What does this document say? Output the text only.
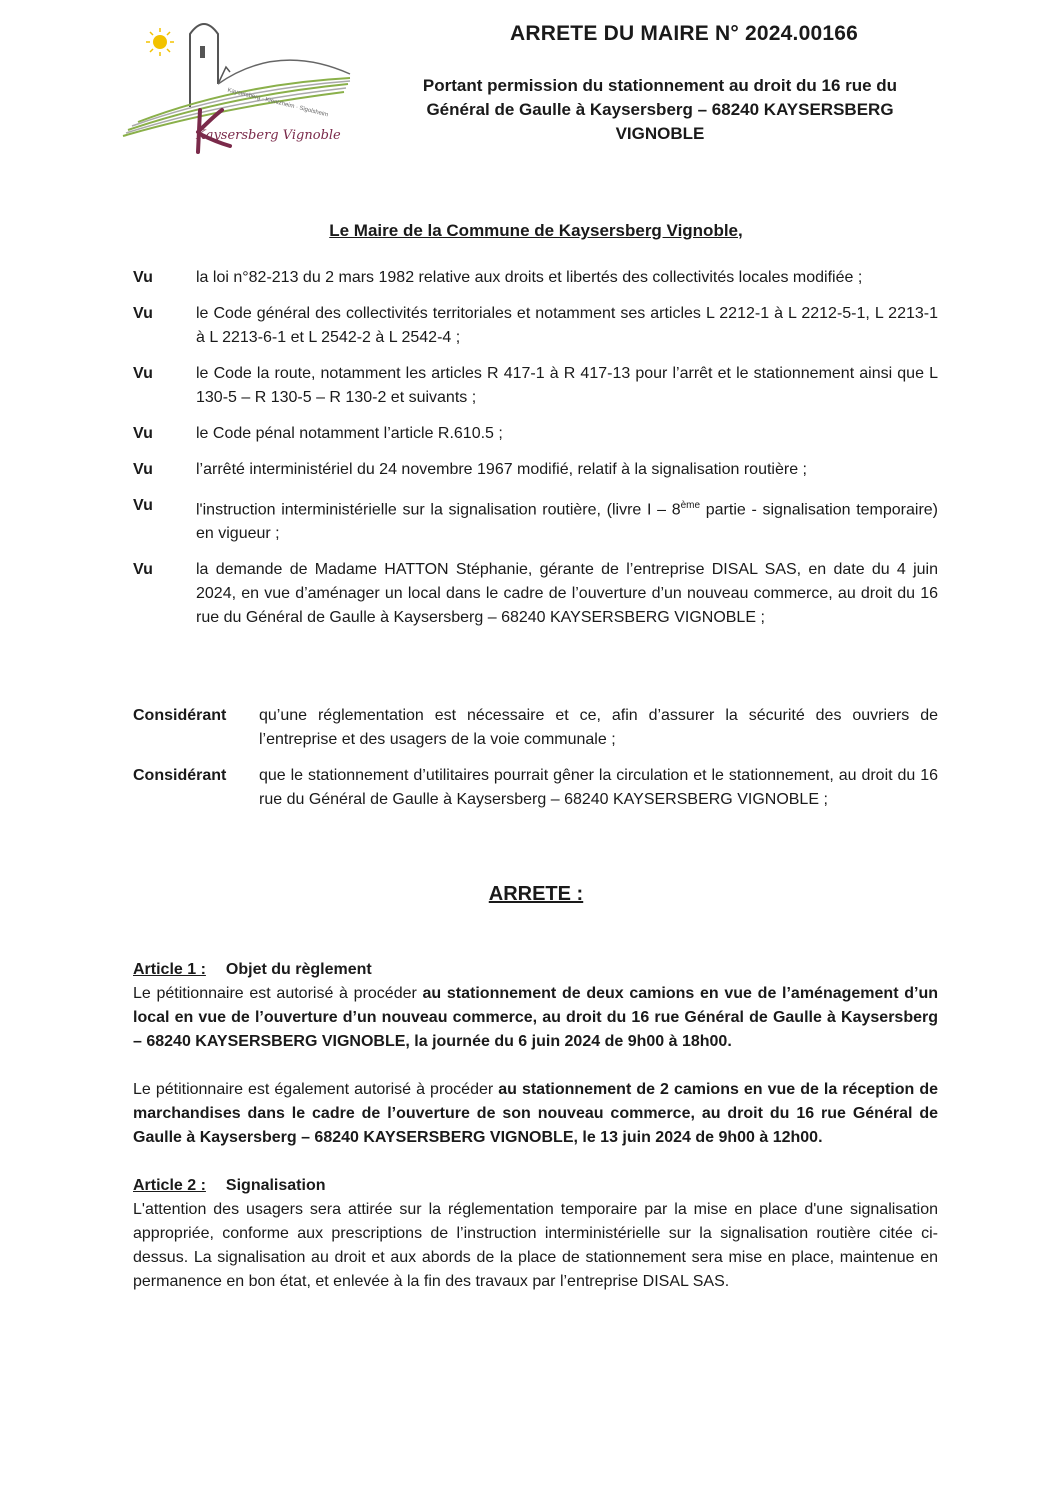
Kaysersberg · Kientzheim · Sigolsheim
Kaysersberg Vignoble
ARRETE DU MAIRE N° 2024.00166
Portant permission du stationnement au droit du 16 rue du
Général de Gaulle à Kaysersberg – 68240 KAYSERSBERG
VIGNOBLE
Le Maire de la Commune de Kaysersberg Vignoble,
Vu	la loi n°82-213 du 2 mars 1982 relative aux droits et libertés des collectivités locales modifiée ;
Vu	le Code général des collectivités territoriales et notamment ses articles L 2212-1 à L 2212-5-1, L 2213-1 à L 2213-6-1 et L 2542-2 à L 2542-4 ;
Vu	le Code la route, notamment les articles R 417-1 à R 417-13 pour l’arrêt et le stationnement ainsi que L 130-5 – R 130-5 – R 130-2 et suivants ;
Vu	le Code pénal notamment l’article R.610.5 ;
Vu	l’arrêté interministériel du 24 novembre 1967 modifié, relatif à la signalisation routière ;
Vu	l'instruction interministérielle sur la signalisation routière, (livre I – 8ème partie - signalisation temporaire) en vigueur ;
Vu	la demande de Madame HATTON Stéphanie, gérante de l’entreprise DISAL SAS, en date du 4 juin 2024, en vue d’aménager un local dans le cadre de l’ouverture d’un nouveau commerce, au droit du 16 rue du Général de Gaulle à Kaysersberg – 68240 KAYSERSBERG VIGNOBLE ;
Considérant	qu’une réglementation est nécessaire et ce, afin d’assurer la sécurité des ouvriers de l’entreprise et des usagers de la voie communale ;
Considérant	que le stationnement d’utilitaires pourrait gêner la circulation et le stationnement, au droit du 16 rue du Général de Gaulle à Kaysersberg – 68240 KAYSERSBERG VIGNOBLE ;
ARRETE :
Article 1 : Objet du règlement

Le pétitionnaire est autorisé à procéder au stationnement de deux camions en vue de l’aménagement d’un local en vue de l’ouverture d’un nouveau commerce, au droit du 16 rue Général de Gaulle à Kaysersberg – 68240 KAYSERSBERG VIGNOBLE, la journée du 6 juin 2024 de 9h00 à 18h00.

Le pétitionnaire est également autorisé à procéder au stationnement de 2 camions en vue de la réception de marchandises dans le cadre de l’ouverture de son nouveau commerce, au droit du 16 rue Général de Gaulle à Kaysersberg – 68240 KAYSERSBERG VIGNOBLE, le 13 juin 2024 de 9h00 à 12h00.

Article 2 : Signalisation

L'attention des usagers sera attirée sur la réglementation temporaire par la mise en place d'une signalisation appropriée, conforme aux prescriptions de l’instruction interministérielle sur la signalisation routière citée ci-dessus. La signalisation au droit et aux abords de la place de stationnement sera mise en place, maintenue en permanence en bon état, et enlevée à la fin des travaux par l’entreprise DISAL SAS.
